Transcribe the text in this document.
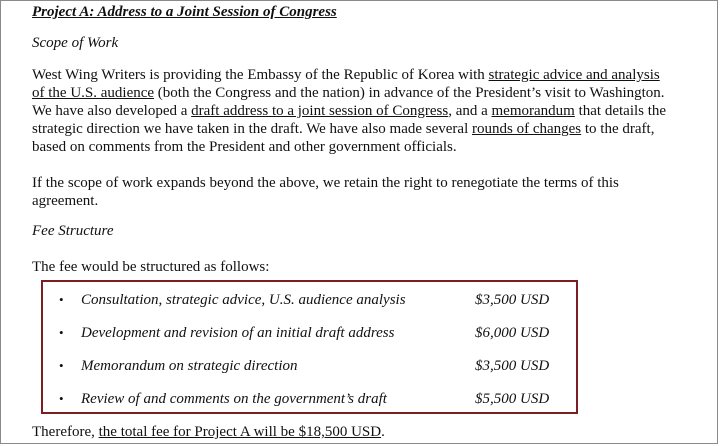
Project A: Address to a Joint Session of Congress
Scope of Work
West Wing Writers is providing the Embassy of the Republic of Korea with strategic advice and analysis
of the U.S. audience (both the Congress and the nation) in advance of the President’s visit to Washington.
We have also developed a draft address to a joint session of Congress, and a memorandum that details the
strategic direction we have taken in the draft. We have also made several rounds of changes to the draft,
based on comments from the President and other government officials.
If the scope of work expands beyond the above, we retain the right to renegotiate the terms of this
agreement.
Fee Structure
The fee would be structured as follows:
• Consultation, strategic advice, U.S. audience analysis	$3,500 USD
• Development and revision of an initial draft address	$6,000 USD
• Memorandum on strategic direction	$3,500 USD
• Review of and comments on the government’s draft	$5,500 USD
Therefore, the total fee for Project A will be $18,500 USD.
